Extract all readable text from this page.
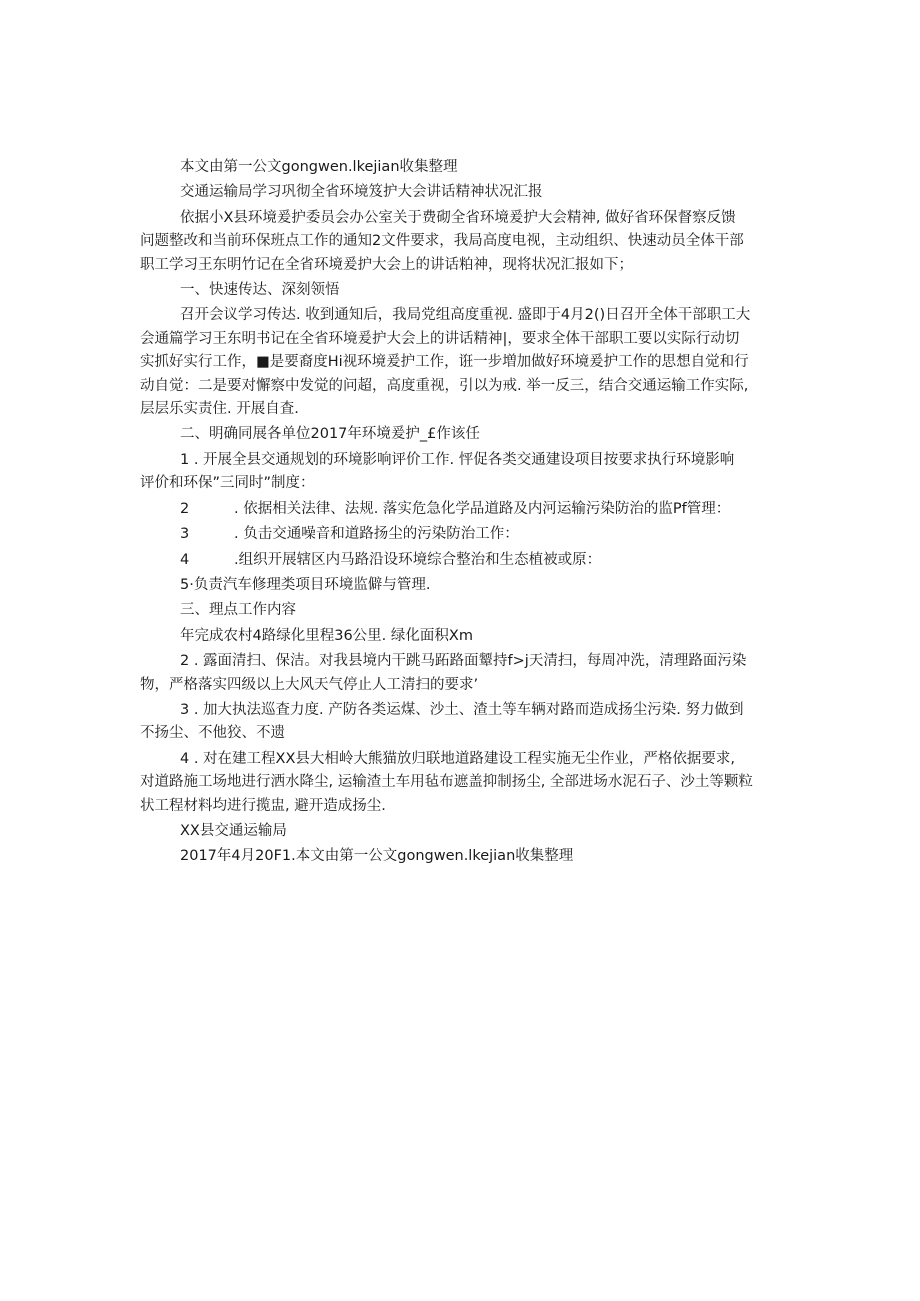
本文由第一公文gongwen.lkejian收集整理

交通运输局学习巩彻全省环境笈护大会讲话精神状况汇报

依据小X县环境爰护委员会办公室关于费砌全省环境爰护大会精神, 做好省环保督察反馈

问题整改和当前环保班点工作的通知2文件要求，我局高度电视，主动组织、快速动员全体干部

职工学习王东明竹记在全省环境爰护大会上的讲话粕神，现将状况汇报如下；

一、快速传达、深刻领悟

召开会议学习传达. 收到通知后，我局党组高度重视. 盛即于4月2()日召开全体干部职工大

会通篇学习王东明书记在全省环境爰护大会上的讲话精神|，要求全体干部职工要以实际行动切

实抓好实行工作，■是要裔度Hi视环境爰护工作，诳一步増加做好环境爰护工作的思想自觉和行

动自觉：二是要对懈察中发觉的问超，高度重视，引以为戒. 举一反三，结合交通运输工作实际,

层层乐实责住. 开展自査.

二、明确同展各单位2017年环境爰护_£作该任

1 . 开展全县交通规划的环境影响评价工作. 怦促各类交通建设项目按要求执行环境影响

评价和环保”三同时”制度：

2	. 依据相关法律、法规. 落实危急化学品道路及内河运输污染防治的监Pf管理：
3	. 负击交通噪音和道路扬尘的污染防治工作：
4	.组织开展辖区内马路沿设环境综合整治和生态植被或原：

5·负责汽车修理类项目环境监僻与管理.

三、理点工作内容

年完成农村4路绿化里程36公里. 绿化面积Xm

2 . 露面清扫、保洁。对我县境内干跳马跖路面颦持f>j天清扫，每周冲洗，清理路面污染

物，严格落实四级以上大风天气停止人工清扫的要求’

3 . 加大执法巡査力度. 产防各类运煤、沙土、渣土等车辆对路而造成扬尘污染. 努力做到

不扬尘、不他狡、不遗

4 . 对在建工程XX县大相岭大熊猫放归联地道路建设工程实施无尘作业，严格依据要求,

对道路施工场地进行洒水降尘, 运输渣土车用毡布遮盖抑制扬尘, 全部进场水泥石子、沙土等颗粒

状工程材料均进行揽盅, 避开造成扬尘.

XX县交通运输局

2017年4月20F1.本文由第一公文gongwen.lkejian收集整理
